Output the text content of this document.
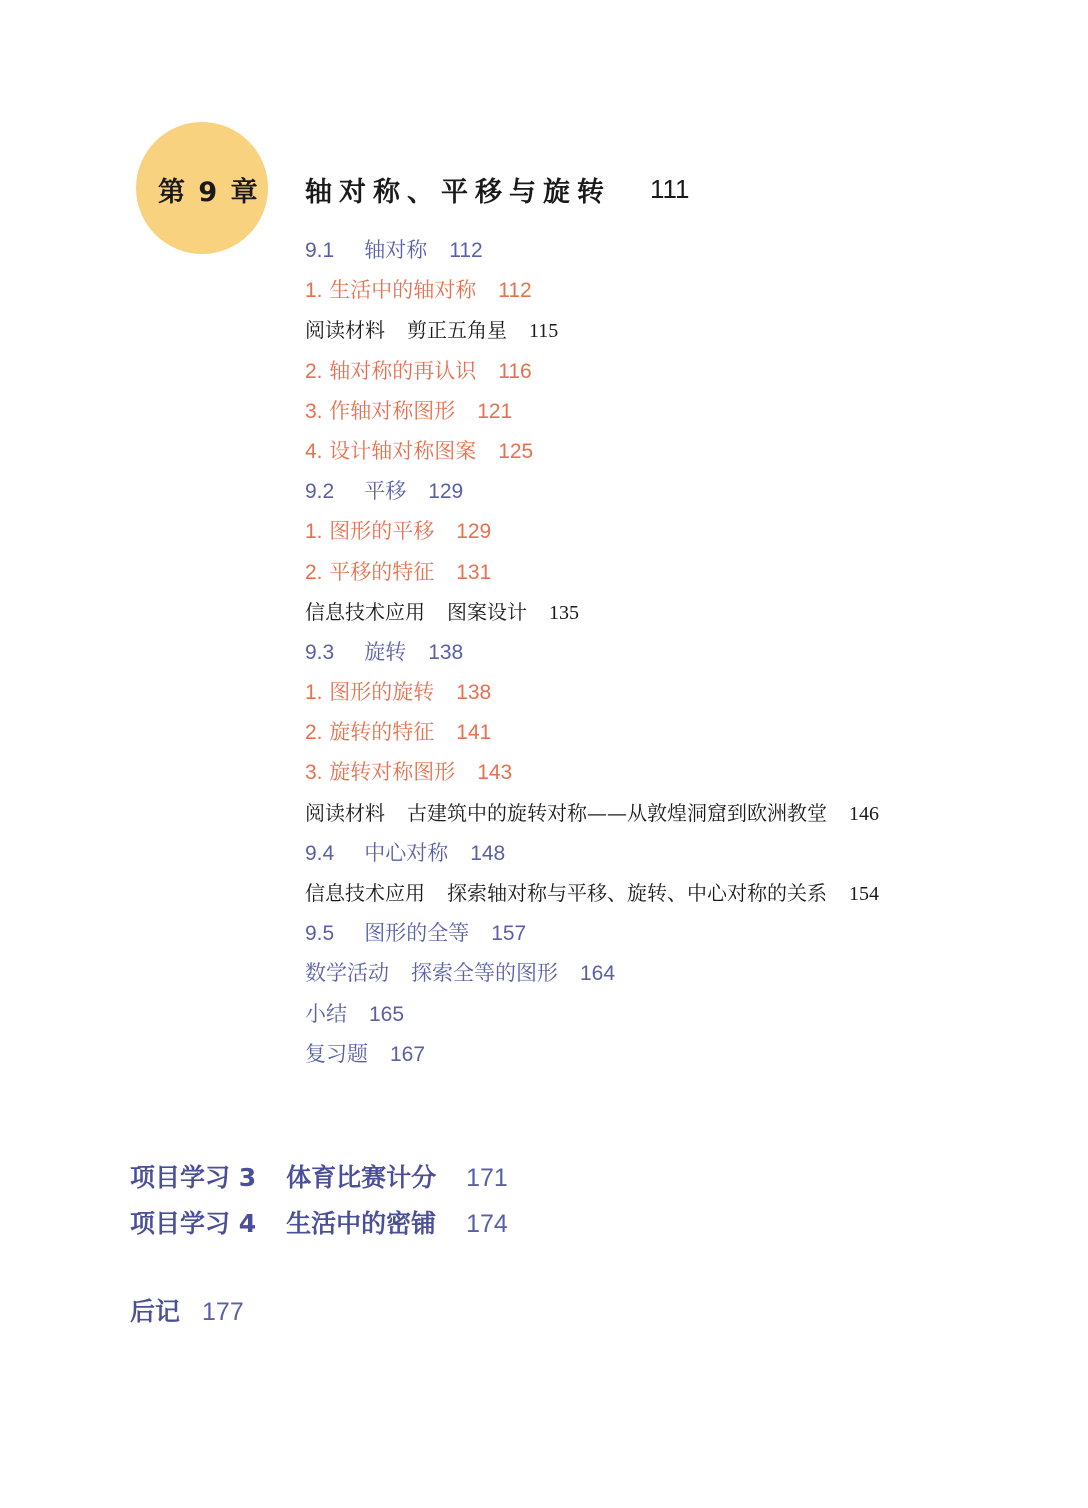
第 9 章 轴对称、平移与旋转 111
9.1 轴对称 112
1. 生活中的轴对称 112
阅读材料 剪正五角星 115
2. 轴对称的再认识 116
3. 作轴对称图形 121
4. 设计轴对称图案 125
9.2 平移 129
1. 图形的平移 129
2. 平移的特征 131
信息技术应用 图案设计 135
9.3 旋转 138
1. 图形的旋转 138
2. 旋转的特征 141
3. 旋转对称图形 143
阅读材料 古建筑中的旋转对称——从敦煌洞窟到欧洲教堂 146
9.4 中心对称 148
信息技术应用 探索轴对称与平移、旋转、中心对称的关系 154
9.5 图形的全等 157
数学活动 探索全等的图形 164
小结 165
复习题 167
项目学习 3 体育比赛计分 171
项目学习 4 生活中的密铺 174
后记 177
